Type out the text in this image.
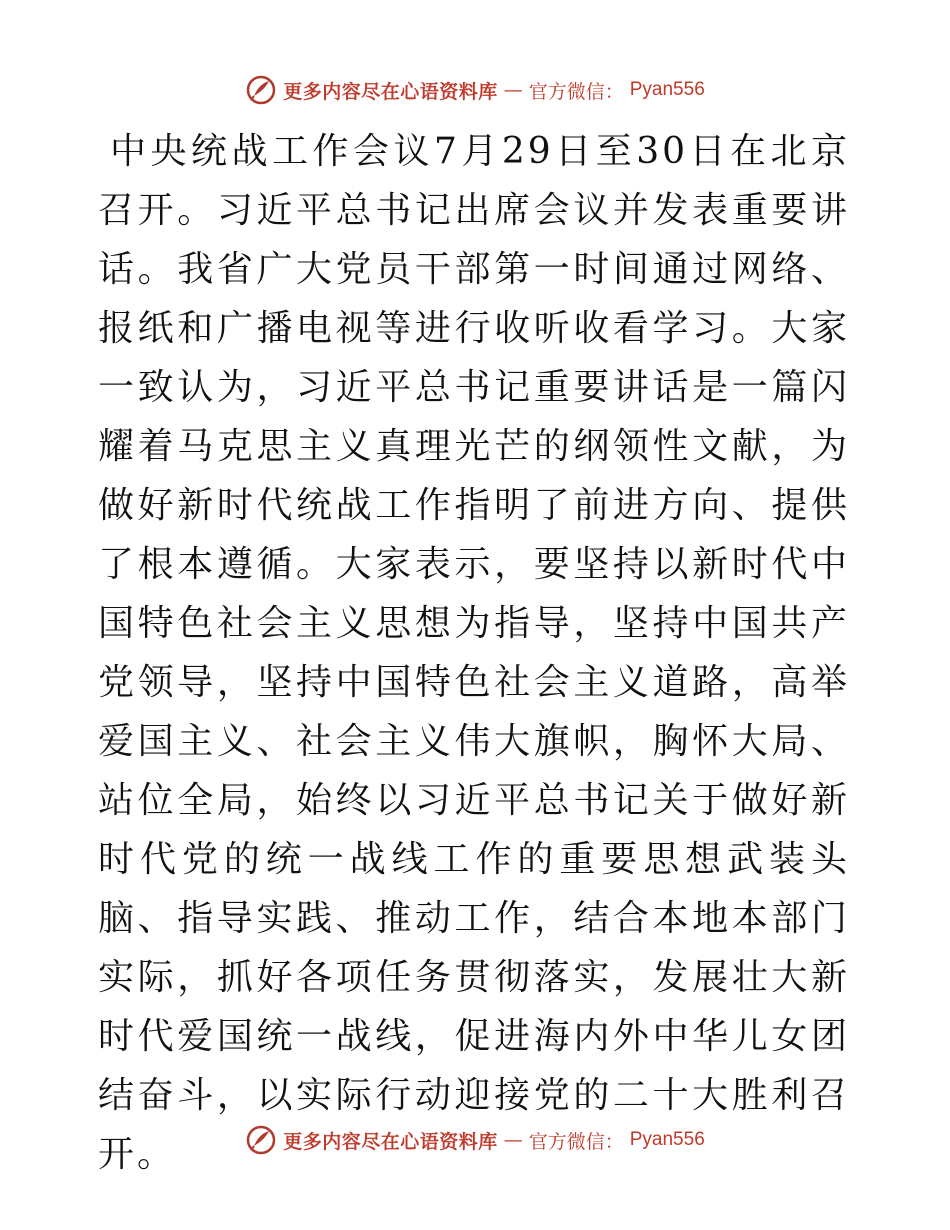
更多内容尽在心语资料库 — 官方微信： Pyan556

中央统战工作会议7月29日至30日在北京召开。习近平总书记出席会议并发表重要讲话。我省广大党员干部第一时间通过网络、报纸和广播电视等进行收听收看学习。大家一致认为，习近平总书记重要讲话是一篇闪耀着马克思主义真理光芒的纲领性文献，为做好新时代统战工作指明了前进方向、提供了根本遵循。大家表示，要坚持以新时代中国特色社会主义思想为指导，坚持中国共产党领导，坚持中国特色社会主义道路，高举爱国主义、社会主义伟大旗帜，胸怀大局、站位全局，始终以习近平总书记关于做好新时代党的统一战线工作的重要思想武装头脑、指导实践、推动工作，结合本地本部门实际，抓好各项任务贯彻落实，发展壮大新时代爱国统一战线，促进海内外中华儿女团结奋斗，以实际行动迎接党的二十大胜利召开。	更多内容尽在心语资料库 — 官方微信： Pyan556
